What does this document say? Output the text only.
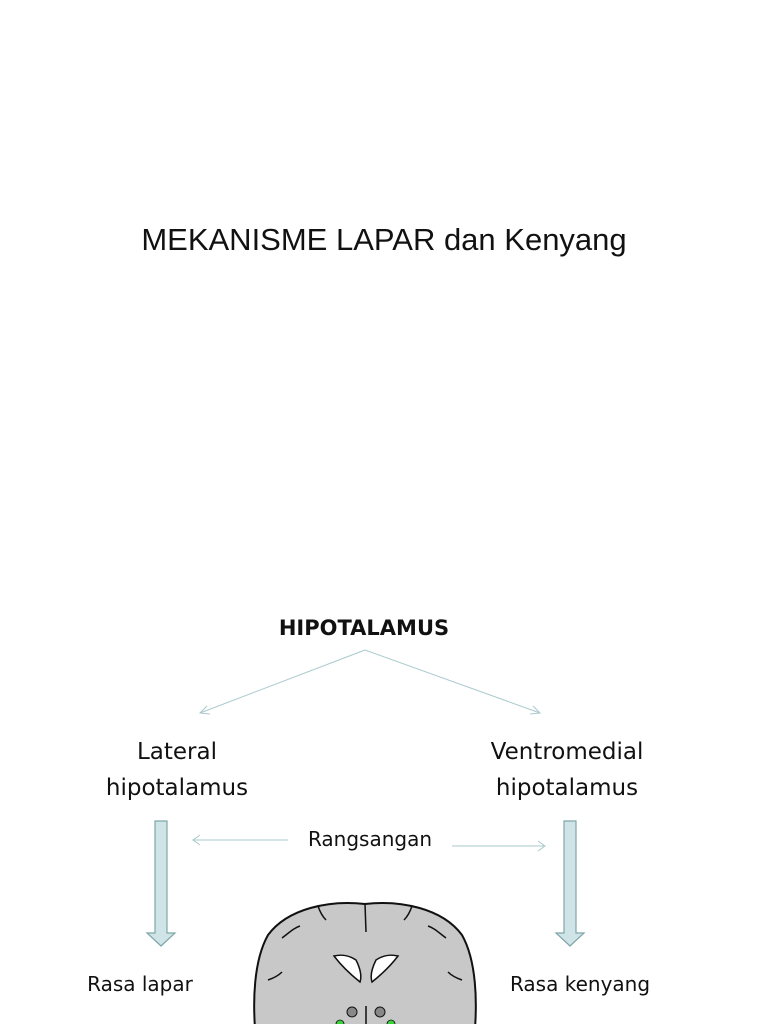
MEKANISME LAPAR dan Kenyang
HIPOTALAMUS
Lateral
hipotalamus
Ventromedial
hipotalamus
Rangsangan
Rasa lapar	Rasa kenyang
